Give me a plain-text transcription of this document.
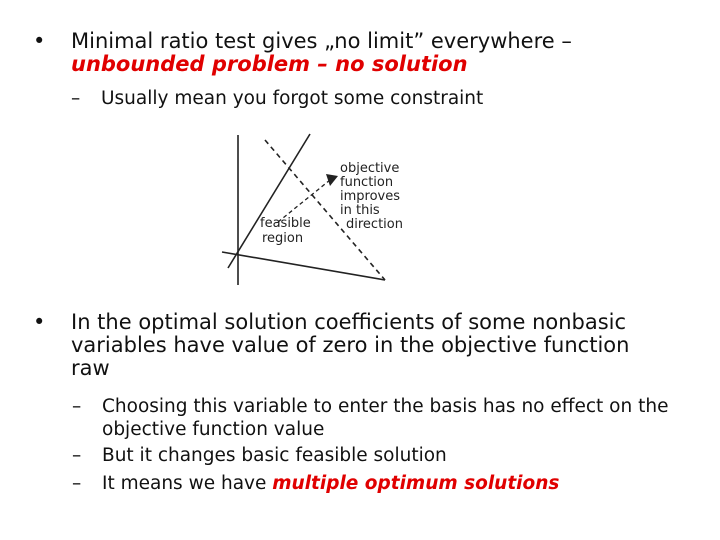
• Minimal ratio test gives „no limit” everywhere –
unbounded problem – no solution
– Usually mean you forgot some constraint
objective function improves in this direction
feasible region
• In the optimal solution coefficients of some nonbasic variables have value of zero in the objective function raw
– Choosing this variable to enter the basis has no effect on the objective function value
– But it changes basic feasible solution
– It means we have multiple optimum solutions
